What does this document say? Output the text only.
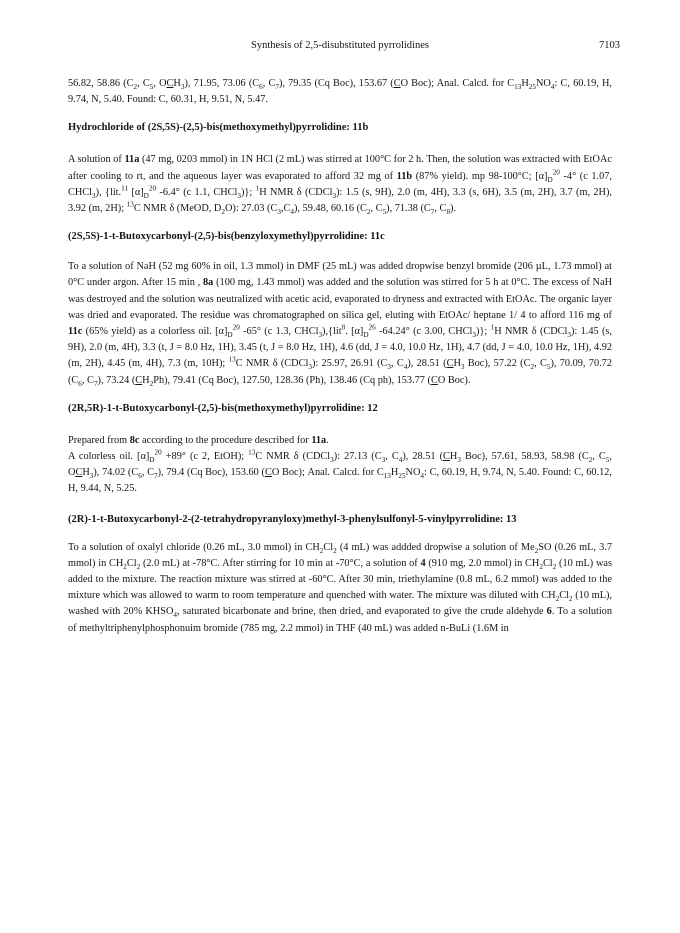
Synthesis of 2,5-disubstituted pyrrolidines	7103

56.82, 58.86 ($C_2$, $C_5$, $OCH_3$), 71.95, 73.06 ($C_6$, $C_7$), 79.35 (Cq Boc), 153.67 (CO Boc); Anal. Calcd. for $C_{13}H_{25}NO_4$: C, 60.19, H, 9.74, N, 5.40. Found: C, 60.31, H, 9.51, N, 5.47.

Hydrochloride of (2S,5S)-(2,5)-bis(methoxymethyl)pyrrolidine: 11b

A solution of 11a (47 mg, 0203 mmol) in 1N HCl (2 mL) was stirred at 100°C for 2 h. Then, the solution was extracted with EtOAc after cooling to rt, and the aqueous layer was evaporated to afford 32 mg of 11b (87% yield). mp 98-100°C; $[\alpha]_D^{20}$ -4° (c 1.07, CHCl$_3$), {lit.$^{11}$ $[\alpha]_D^{20}$ -6.4° (c 1.1, CHCl$_3$)}; $^1$H NMR δ (CDCl$_3$): 1.5 (s, 9H), 2.0 (m, 4H), 3.3 (s, 6H), 3.5 (m, 2H), 3.7 (m, 2H), 3.92 (m, 2H); $^{13}$C NMR δ (MeOD, $D_2O$): 27.03 $(C_3,C_4)$, 59.48, 60.16 ($C_2$, $C_5$), 71.38 ($C_7$, $C_8$).

(2S,5S)-1-t-Butoxycarbonyl-(2,5)-bis(benzyloxymethyl)pyrrolidine: 11c

To a solution of NaH (52 mg 60% in oil, 1.3 mmol) in DMF (25 mL) was added dropwise benzyl bromide (206 µL, 1.73 mmol) at 0°C under argon. After 15 min , 8a (100 mg, 1.43 mmol) was added and the solution was stirred for 5 h at 0°C. The excess of NaH was destroyed and the solution was neutralized with acetic acid, evaporated to dryness and extracted with EtOAc. The organic layer was dried and evaporated. The residue was chromatographed on silica gel, eluting with EtOAc/ heptane 1/ 4 to afford 116 mg of 11c (65% yield) as a colorless oil. $[\alpha]_D^{20}$ -65° (c 1.3, CHCl$_3$),{lit$^8$. $[\alpha]_D^{26}$ -64.24° (c 3.00, CHCl$_3$)}; $^1$H NMR δ (CDCl$_3$): 1.45 (s, 9H), 2.0 (m, 4H), 3.3 (t, J = 8.0 Hz, 1H), 3.45 (t, J = 8.0 Hz, 1H), 4.6 (dd, J = 4.0, 10.0 Hz, 1H), 4.7 (dd, J = 4.0, 10.0 Hz, 1H), 4.92 (m, 2H), 4.45 (m, 4H), 7.3 (m, 10H); $^{13}$C NMR δ (CDCl$_3$): 25.97, 26.91 ($C_3$, $C_4$), 28.51 ($CH_3$ Boc), 57.22 ($C_2$, $C_5$), 70.09, 70.72 ($C_6$, $C_7$), 73.24 $(CH_2Ph)$, 79.41 (Cq Boc), 127.50, 128.36 (Ph), 138.46 (Cq ph), 153.77 (CO Boc).

(2R,5R)-1-t-Butoxycarbonyl-(2,5)-bis(methoxymethyl)pyrrolidine: 12

Prepared from 8c according to the procedure described for 11a.
A colorless oil. $[\alpha]_D^{20} +89^\circ$ (c 2, EtOH); $^{13}$C NMR δ (CDCl$_3$): 27.13 ($C_3$, $C_4$), 28.51 ($CH_3$ Boc), 57.61, 58.93, 58.98 ($C_2$, $C_5$, $OCH_3$), 74.02 ($C_6$, $C_7$), 79.4 (Cq Boc), 153.60 (CO Boc); Anal. Calcd. for $C_{13}H_{25}NO_4$: C, 60.19, H, 9.74, N, 5.40. Found: C, 60.12, H, 9.44, N, 5.25.

(2R)-1-t-Butoxycarbonyl-2-(2-tetrahydropyranyloxy)methyl-3-phenylsulfonyl-5-vinylpyrrolidine: 13

To a solution of oxalyl chloride (0.26 mL, 3.0 mmol) in $CH_2Cl_2$ (4 mL) was addded dropwise a solution of $Me_2SO$ (0.26 mL, 3.7 mmol) in $CH_2Cl_2$ (2.0 mL) at -78°C. After stirring for 10 min at -70°C, a solution of 4 (910 mg, 2.0 mmol) in $CH_2Cl_2$ (10 mL) was added to the mixture. The reaction mixture was stirred at -60°C. After 30 min, triethylamine (0.8 mL, 6.2 mmol) was added to the mixture which was allowed to warm to room temperature and quenched with water. The mixture was diluted with $CH_2Cl_2$ (10 mL), washed with 20% $KHSO_4$, saturated bicarbonate and brine, then dried, and evaporated to give the crude aldehyde 6. To a solution of methyltriphenylphosphonuim bromide (785 mg, 2.2 mmol) in THF (40 mL) was added n-BuLi (1.6M in
